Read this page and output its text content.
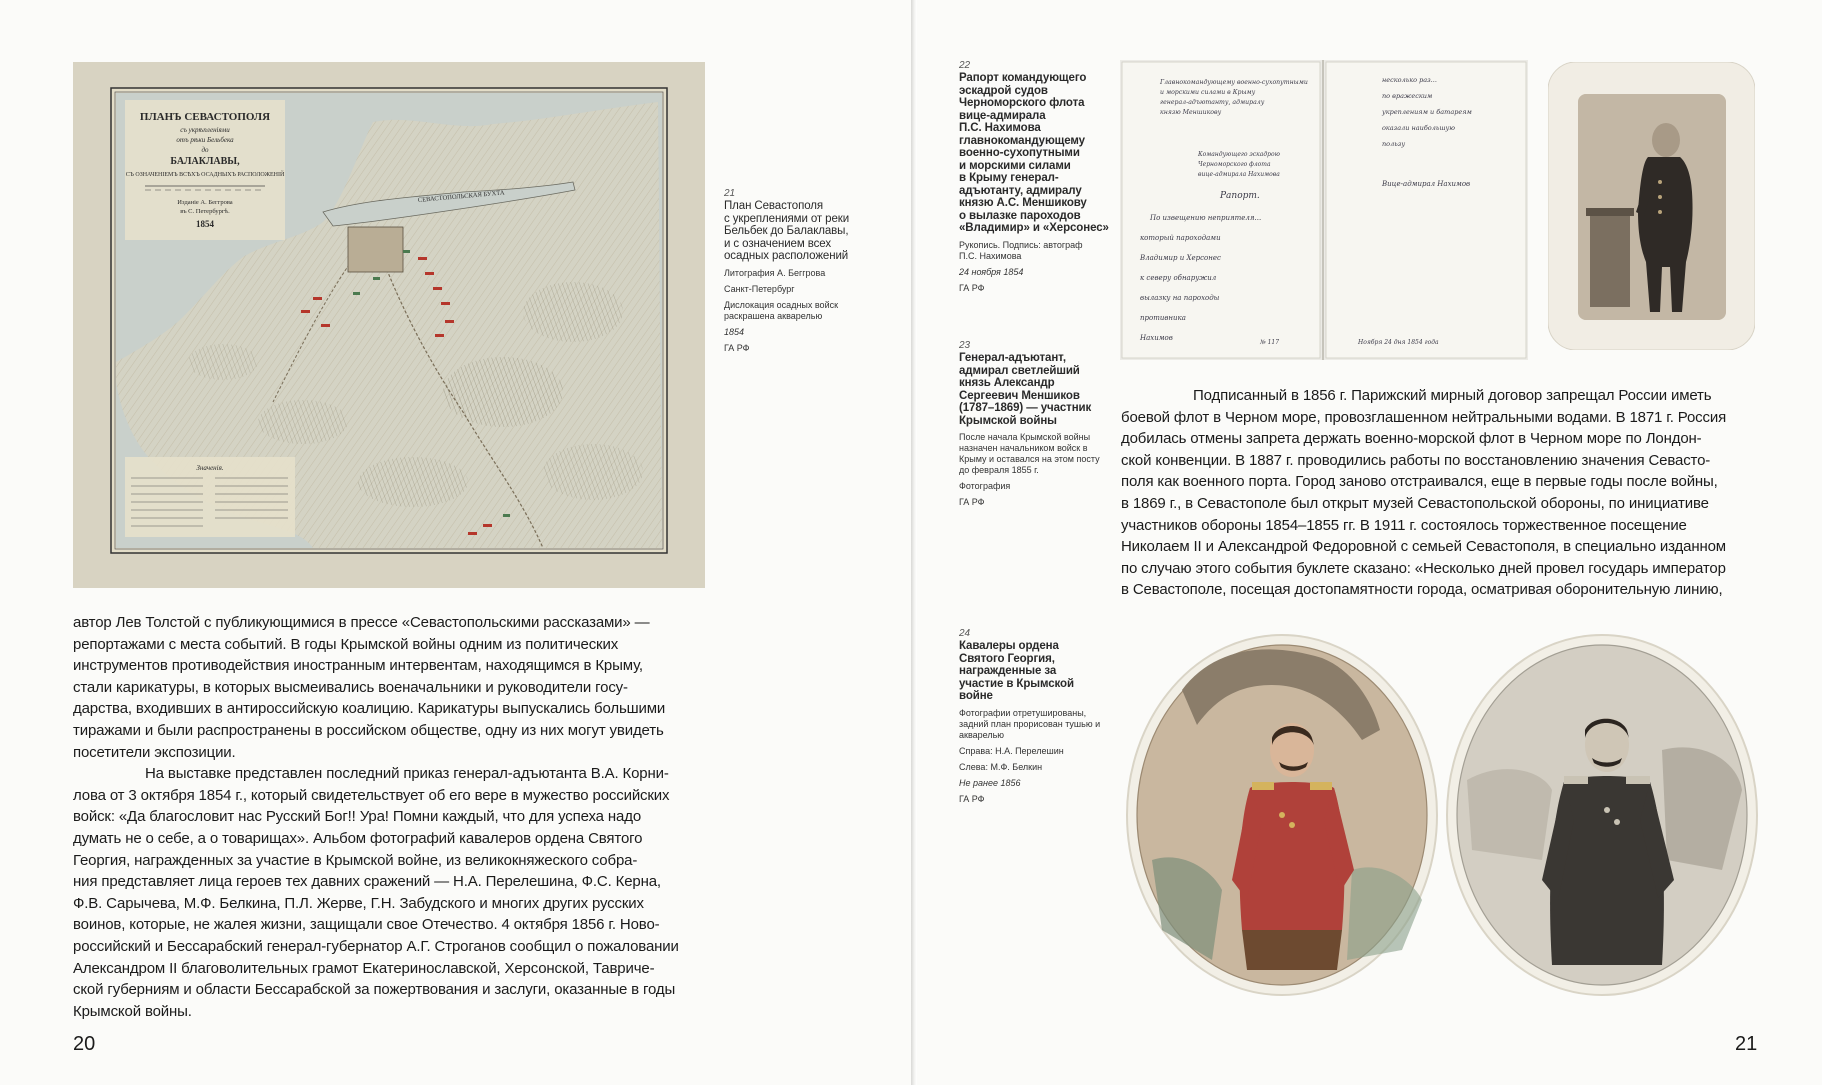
ПЛАНЪ СЕВАСТОПОЛЯ
съ укрѣпленіями
отъ рѣки Бельбека
до
БАЛАКЛАВЫ,
СЪ ОЗНАЧЕНІЕМЪ ВСѢХЪ ОСАДНЫХЪ РАСПОЛОЖЕНІЙ
Изданіе А. Беггрова
въ С. Петербургѣ.
1854
СЕВАСТОПОЛЬСКАЯ БУХТА
Значенія.
21
План Севастополя
с укреплениями от реки
Бельбек до Балаклавы,
и с означением всех
осадных расположений
Литография А. Беггрова
Санкт-Петербург
Дислокация осадных войск раскрашена акварелью
1854
ГА РФ
автор Лев Толстой с публикующимися в прессе «Севастопольскими рассказами» —
репортажами с места событий. В годы Крымской войны одним из политических
инструментов противодействия иностранным интервентам, находящимся в Крыму,
стали карикатуры, в которых высмеивались военачальники и руководители госу-
дарства, входивших в антироссийскую коалицию. Карикатуры выпускались большими
тиражами и были распространены в российском обществе, одну из них могут увидеть
посетители экспозиции.
На выставке представлен последний приказ генерал-адъютанта В.А. Корни-
лова от 3 октября 1854 г., который свидетельствует об его вере в мужество российских
войск: «Да благословит нас Русский Бог!! Ура! Помни каждый, что для успеха надо
думать не о себе, а о товарищах». Альбом фотографий кавалеров ордена Святого
Георгия, награжденных за участие в Крымской войне, из великокняжеского собра-
ния представляет лица героев тех давних сражений — Н.А. Перелешина, Ф.С. Керна,
Ф.В. Сарычева, М.Ф. Белкина, П.Л. Жерве, Г.Н. Забудского и многих других русских
воинов, которые, не жалея жизни, защищали свое Отечество. 4 октября 1856 г. Ново-
российский и Бессарабский генерал-губернатор А.Г. Строганов сообщил о пожаловании
Александром II благоволительных грамот Екатеринославской, Херсонской, Тавриче-
ской губерниям и области Бессарабской за пожертвования и заслуги, оказанные в годы
Крымской войны.
20
22
Рапорт командующего
эскадрой судов
Черноморского флота
вице-адмирала
П.С. Нахимова
главнокомандующему
военно-сухопутными
и морскими силами
в Крыму генерал-
адъютанту, адмиралу
князю А.С. Меншикову
о вылазке пароходов
«Владимир» и «Херсонес»
Рукопись. Подпись: автограф П.С. Нахимова
24 ноября 1854
ГА РФ
23
Генерал-адъютант,
адмирал светлейший
князь Александр
Сергеевич Меншиков
(1787–1869) — участник
Крымской войны
После начала Крымской войны назначен начальником войск в Крыму и оставался на этом посту до февраля 1855 г.
Фотография
ГА РФ
24
Кавалеры ордена
Святого Георгия,
награжденные за
участие в Крымской
войне
Фотографии отретушированы, задний план прорисован тушью и акварелью
Справа: Н.А. Перелешин
Слева: М.Ф. Белкин
Не ранее 1856
ГА РФ
Главнокомандующему военно-сухопутными
и морскими силами в Крыму
генерал-адъютанту, адмиралу
князю Меншикову
Командующего эскадрою
Черноморского флота
вице-адмирала Нахимова
Рапорт.
По извещению неприятеля...
который пароходами
Владимир и Херсонес
к северу обнаружил
вылазку на пароходы
противника
Нахимов
несколько раз...
по вражеским
укреплениям и батареям
оказали наибольшую
пользу
Вице-адмирал Нахимов
№ 117	Ноября 24 дня 1854 года
Подписанный в 1856 г. Парижский мирный договор запрещал России иметь
боевой флот в Черном море, провозглашенном нейтральными водами. В 1871 г. Россия
добилась отмены запрета держать военно-морской флот в Черном море по Лондон-
ской конвенции. В 1887 г. проводились работы по восстановлению значения Севасто-
поля как военного порта. Город заново отстраивался, еще в первые годы после войны,
в 1869 г., в Севастополе был открыт музей Севастопольской обороны, по инициативе
участников обороны 1854–1855 гг. В 1911 г. состоялось торжественное посещение
Николаем II и Александрой Федоровной с семьей Севастополя, в специально изданном
по случаю этого события буклете сказано: «Несколько дней провел государь император
в Севастополе, посещая достопамятности города, осматривая оборонительную линию,
21
